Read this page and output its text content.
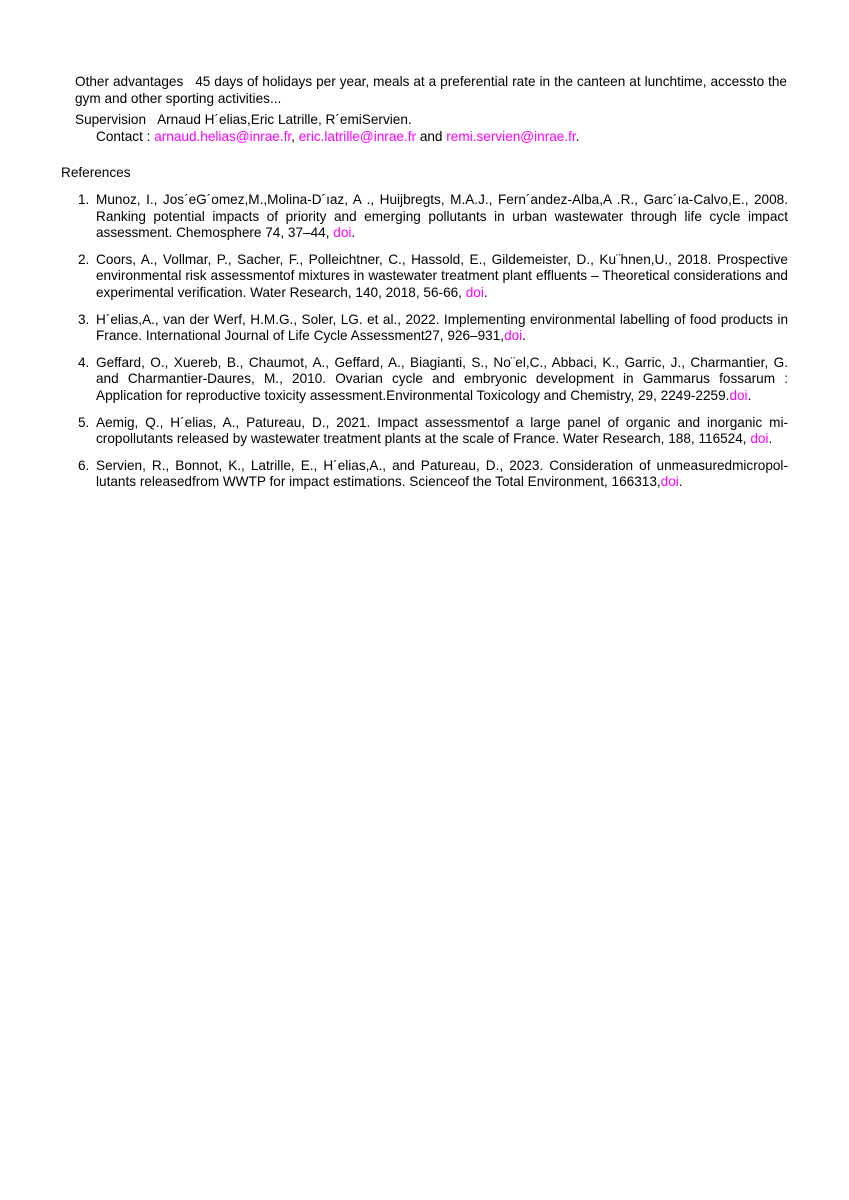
Other advantages 45 days of holidays per year, meals at a preferential rate in the canteen at lunchtime, accessto the gym and other sporting activities...
Supervision Arnaud H´elias,Eric Latrille, R´emiServien.
Contact : arnaud.helias@inrae.fr, eric.latrille@inrae.fr and remi.servien@inrae.fr.
References
1. Munoz, I., Jos´eG´omez,M.,Molina-D´ıaz, A ., Huijbregts, M.A.J., Fern´andez-Alba,A .R., Garc´ıa-Calvo,E., 2008. Ranking potential impacts of priority and emerging pollutants in urban wastewater through life cycle impact assessment. Chemosphere 74, 37–44, doi.
2. Coors, A., Vollmar, P., Sacher, F., Polleichtner, C., Hassold, E., Gildemeister, D., Ku¨hnen,U., 2018. Prospective environmental risk assessmentof mixtures in wastewater treatment plant effluents – Theoretical considerations and experimental verification. Water Research, 140, 2018, 56-66, doi.
3. H´elias,A., van der Werf, H.M.G., Soler, LG. et al., 2022. Implementing environmental labelling of food products in France. International Journal of Life Cycle Assessment27, 926–931,doi.
4. Geffard, O., Xuereb, B., Chaumot, A., Geffard, A., Biagianti, S., No¨el,C., Abbaci, K., Garric, J., Charmantier, G. and Charmantier-Daures, M., 2010. Ovarian cycle and embryonic development in Gammarus fossarum : Application for reproductive toxicity assessment.Environmental Toxicology and Chemistry, 29, 2249-2259.doi.
5. Aemig, Q., H´elias, A., Patureau, D., 2021. Impact assessmentof a large panel of organic and inorganic micropollutants released by wastewater treatment plants at the scale of France. Water Research, 188, 116524, doi.
6. Servien, R., Bonnot, K., Latrille, E., H´elias,A., and Patureau, D., 2023. Consideration of unmeasuredmicropollutants releasedfrom WWTP for impact estimations. Scienceof the Total Environment, 166313,doi.
